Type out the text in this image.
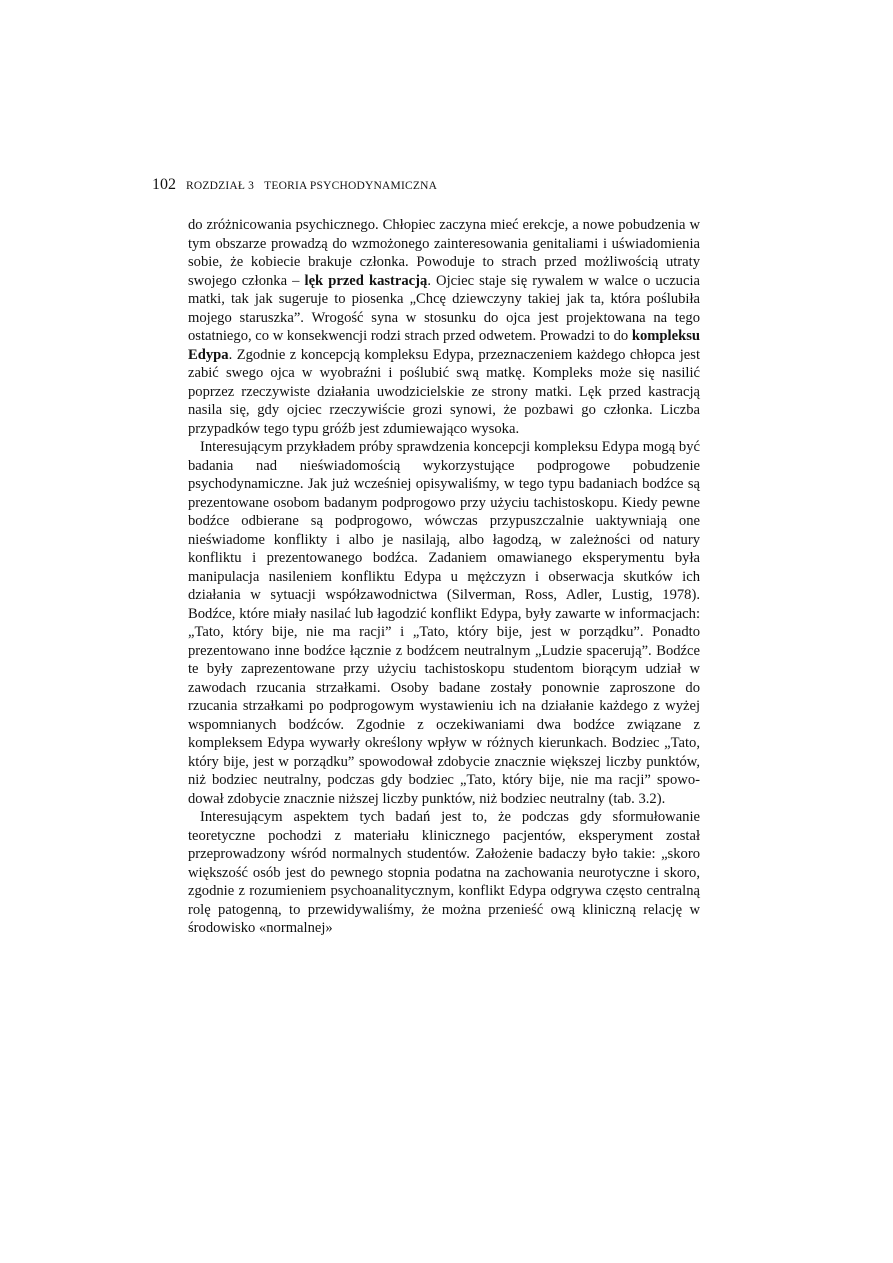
102 ROZDZIAŁ 3 TEORIA PSYCHODYNAMICZNA

do zróżnicowania psychicznego. Chłopiec zaczyna mieć erekcje, a nowe pobudzenia w tym obszarze prowadzą do wzmożonego zainteresowania genitaliami i uświadomienia sobie, że kobiecie brakuje członka. Powoduje to strach przed możliwością utraty swojego członka – lęk przed kastracją. Ojciec staje się rywalem w walce o uczucia matki, tak jak sugeruje to piosenka „Chcę dziewczyny takiej jak ta, która poślubiła mojego staruszka”. Wrogość syna w stosunku do ojca jest projektowana na tego ostatniego, co w konsekwencji rodzi strach przed odwetem. Prowadzi to do kompleksu Edypa. Zgodnie z koncepcją kompleksu Edypa, przeznaczeniem każdego chłopca jest zabić swego ojca w wyobraźni i poślubić swą matkę. Kompleks może się nasilić poprzez rzeczywiste działania uwodzicielskie ze strony matki. Lęk przed kastracją nasila się, gdy ojciec rzeczywiście grozi synowi, że pozbawi go członka. Liczba przypadków tego typu gróźb jest zdumiewająco wysoka.

Interesującym przykładem próby sprawdzenia koncepcji kompleksu Edypa mogą być badania nad nieświadomością wykorzystujące podprogowe pobudzenie psychodynamiczne. Jak już wcześniej opisywaliśmy, w tego typu badaniach bodźce są prezentowane osobom badanym podprogowo przy użyciu tachistoskopu. Kiedy pewne bodźce odbierane są podprogowo, wówczas przypuszczalnie uaktywniają one nieświadome konflikty i albo je nasilają, albo łagodzą, w zależności od natury konfliktu i prezentowanego bodźca. Zadaniem omawianego eksperymentu była manipulacja nasileniem konfliktu Edypa u mężczyzn i obserwacja skutków ich działania w sytuacji współzawodnictwa (Silverman, Ross, Adler, Lustig, 1978). Bodźce, które miały nasilać lub łagodzić konflikt Edypa, były zawarte w informacjach: „Tato, który bije, nie ma racji” i „Tato, który bije, jest w porządku”. Ponadto prezentowano inne bodźce łącznie z bodźcem neutralnym „Ludzie spacerują”. Bodźce te były zaprezentowane przy użyciu tachistoskopu studentom biorącym udział w zawodach rzucania strzałkami. Osoby badane zostały ponownie zaproszone do rzucania strzałkami po podprogowym wystawieniu ich na działanie każdego z wyżej wspomnianych bodźców. Zgodnie z oczekiwaniami dwa bodźce związane z kompleksem Edypa wywarły określony wpływ w różnych kierunkach. Bodziec „Tato, który bije, jest w porządku” spowodował zdobycie znacznie większej liczby punktów, niż bodziec neutralny, podczas gdy bodziec „Tato, który bije, nie ma racji” spowodował zdobycie znacznie niższej liczby punktów, niż bodziec neutralny (tab. 3.2).

Interesującym aspektem tych badań jest to, że podczas gdy sformułowanie teoretyczne pochodzi z materiału klinicznego pacjentów, eksperyment został przeprowadzony wśród normalnych studentów. Założenie badaczy było takie: „skoro większość osób jest do pewnego stopnia podatna na zachowania neurotyczne i skoro, zgodnie z rozumieniem psychoanalitycznym, konflikt Edypa odgrywa często centralną rolę patogenną, to przewidywaliśmy, że można przenieść ową kliniczną relację w środowisko «normalnej»
